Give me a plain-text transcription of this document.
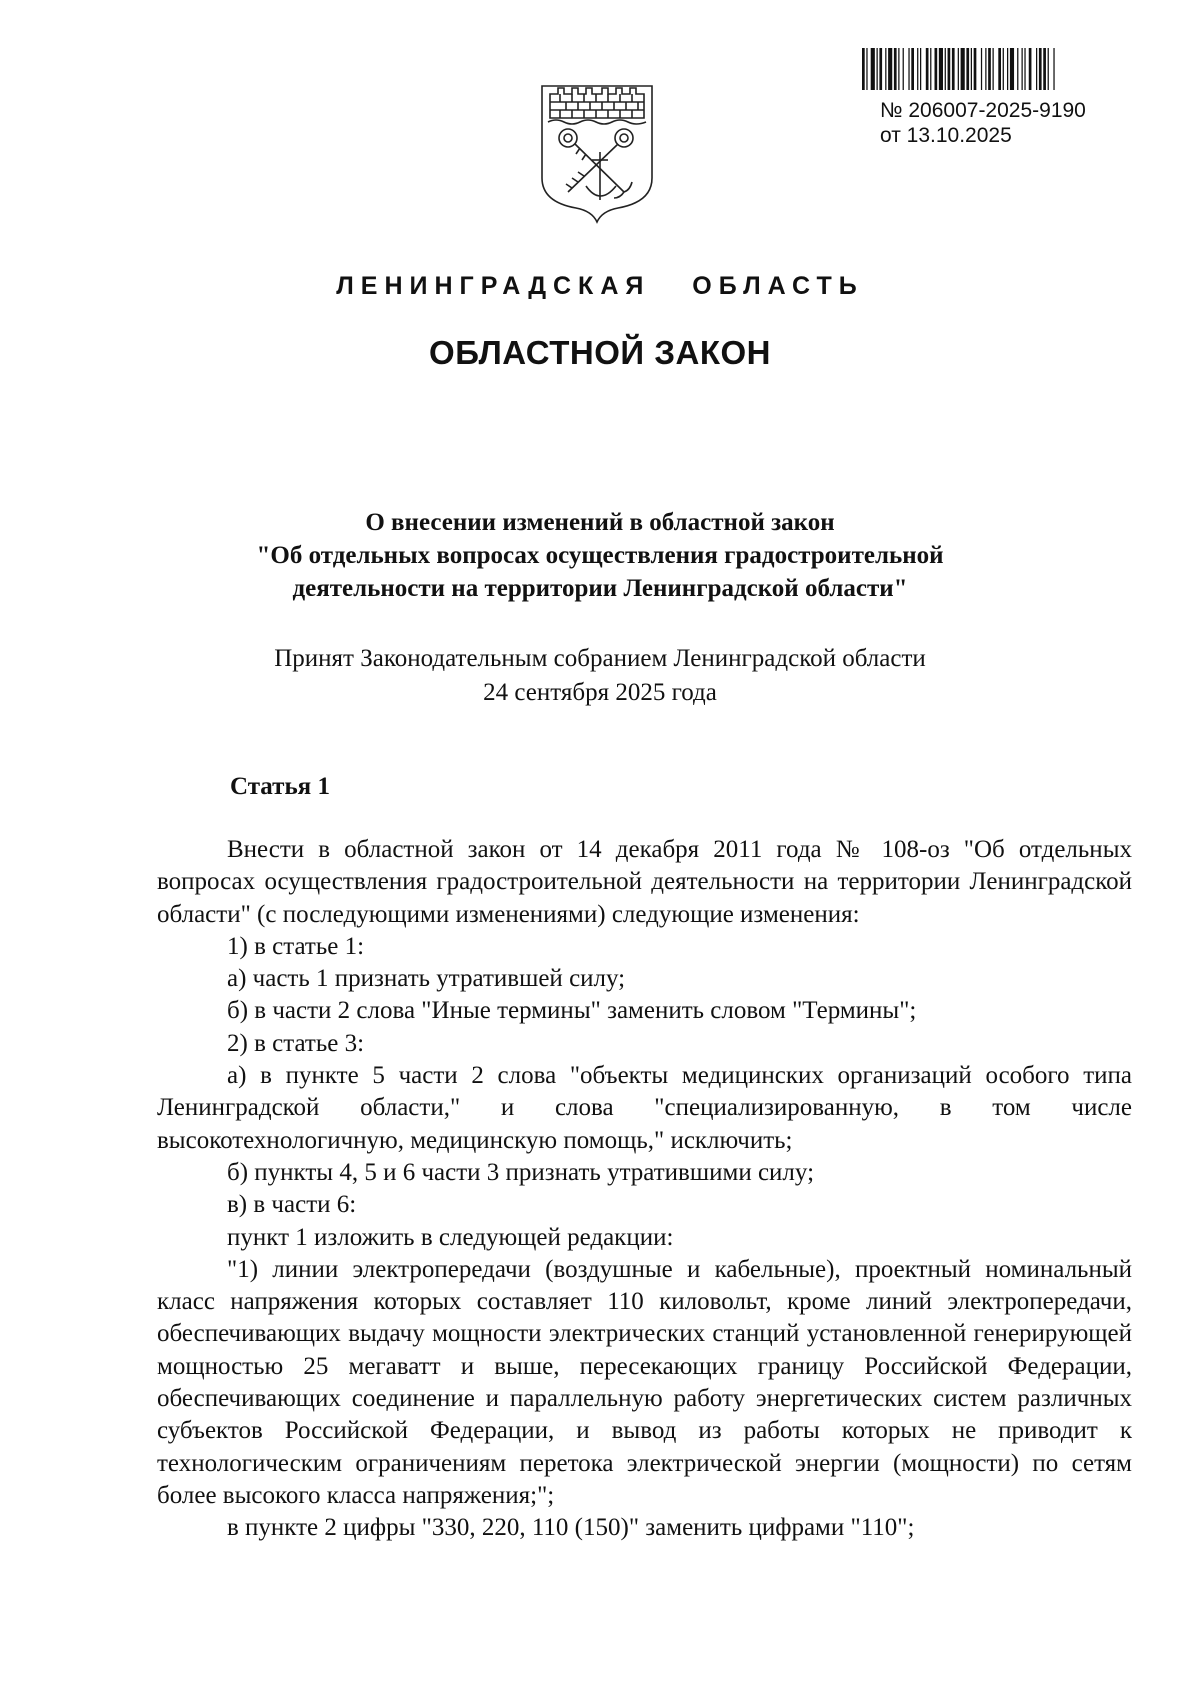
№ 206007-2025-9190
от 13.10.2025
ЛЕНИНГРАДСКАЯ ОБЛАСТЬ
ОБЛАСТНОЙ ЗАКОН
О внесении изменений в областной закон
"Об отдельных вопросах осуществления градостроительной
деятельности на территории Ленинградской области"
Принят Законодательным собранием Ленинградской области
24 сентября 2025 года
Статья 1

Внести в областной закон от 14 декабря 2011 года № 108-оз "Об отдельных вопросах осуществления градостроительной деятельности на территории Ленинградской области" (с последующими изменениями) следующие изменения:

1) в статье 1:

а) часть 1 признать утратившей силу;

б) в части 2 слова "Иные термины" заменить словом "Термины";

2) в статье 3:

а) в пункте 5 части 2 слова "объекты медицинских организаций особого типа Ленинградской области," и слова "специализированную, в том числе высокотехнологичную, медицинскую помощь," исключить;

б) пункты 4, 5 и 6 части 3 признать утратившими силу;

в) в части 6:

пункт 1 изложить в следующей редакции:

"1) линии электропередачи (воздушные и кабельные), проектный номинальный класс напряжения которых составляет 110 киловольт, кроме линий электропередачи, обеспечивающих выдачу мощности электрических станций установленной генерирующей мощностью 25 мегаватт и выше, пересекающих границу Российской Федерации, обеспечивающих соединение и параллельную работу энергетических систем различных субъектов Российской Федерации, и вывод из работы которых не приводит к технологическим ограничениям перетока электрической энергии (мощности) по сетям более высокого класса напряжения;";

в пункте 2 цифры "330, 220, 110 (150)" заменить цифрами "110";
